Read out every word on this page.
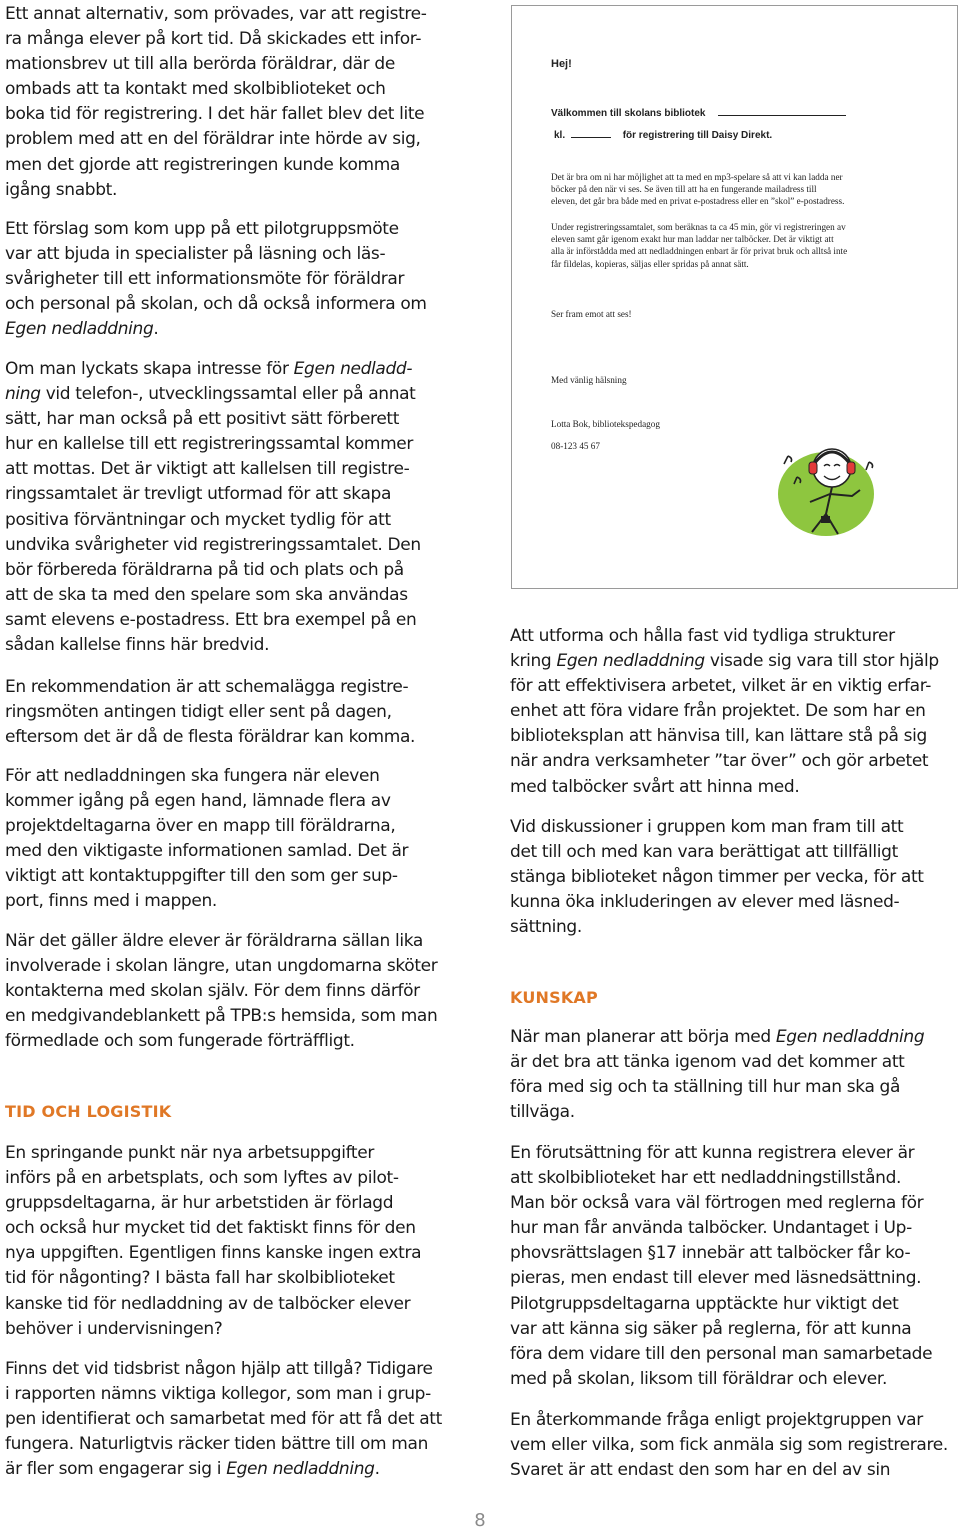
Ett annat alternativ, som prövades, var att registre-
ra många elever på kort tid. Då skickades ett infor-
mationsbrev ut till alla berörda föräldrar, där de
ombads att ta kontakt med skolbiblioteket och
boka tid för registrering. I det här fallet blev det lite
problem med att en del föräldrar inte hörde av sig,
men det gjorde att registreringen kunde komma
igång snabbt.

Ett förslag som kom upp på ett pilotgruppsmöte
var att bjuda in specialister på läsning och läs-
svårigheter till ett informationsmöte för föräldrar
och personal på skolan, och då också informera om
Egen nedladdning.

Om man lyckats skapa intresse för Egen nedladd-
ning vid telefon-, utvecklingssamtal eller på annat
sätt, har man också på ett positivt sätt förberett
hur en kallelse till ett registreringssamtal kommer
att mottas. Det är viktigt att kallelsen till registre-
ringssamtalet är trevligt utformad för att skapa
positiva förväntningar och mycket tydlig för att
undvika svårigheter vid registreringssamtalet. Den
bör förbereda föräldrarna på tid och plats och på
att de ska ta med den spelare som ska användas
samt elevens e-postadress. Ett bra exempel på en
sådan kallelse finns här bredvid.

En rekommendation är att schemalägga registre-
ringsmöten antingen tidigt eller sent på dagen,
eftersom det är då de flesta föräldrar kan komma.

För att nedladdningen ska fungera när eleven
kommer igång på egen hand, lämnade flera av
projektdeltagarna över en mapp till föräldrarna,
med den viktigaste informationen samlad. Det är
viktigt att kontaktuppgifter till den som ger sup-
port, finns med i mappen.

När det gäller äldre elever är föräldrarna sällan lika
involverade i skolan längre, utan ungdomarna sköter
kontakterna med skolan själv. För dem finns därför
en medgivandeblankett på TPB:s hemsida, som man
förmedlade och som fungerade förträffligt.

TID OCH LOGISTIK

En springande punkt när nya arbetsuppgifter
införs på en arbetsplats, och som lyftes av pilot-
gruppsdeltagarna, är hur arbetstiden är förlagd
och också hur mycket tid det faktiskt finns för den
nya uppgiften. Egentligen finns kanske ingen extra
tid för någonting? I bästa fall har skolbiblioteket
kanske tid för nedladdning av de talböcker elever
behöver i undervisningen?

Finns det vid tidsbrist någon hjälp att tillgå? Tidigare
i rapporten nämns viktiga kollegor, som man i grup-
pen identifierat och samarbetat med för att få det att
fungera. Naturligtvis räcker tiden bättre till om man
är fler som engagerar sig i Egen nedladdning.

Hej!
Välkommen till skolans bibliotek
kl.	för registrering till Daisy Direkt.
Det är bra om ni har möjlighet att ta med en mp3-spelare så att vi kan ladda ner
böcker på den när vi ses. Se även till att ha en fungerande mailadress till
eleven, det går bra både med en privat e-postadress eller en ”skol” e-postadress.
Under registreringssamtalet, som beräknas ta ca 45 min, gör vi registreringen av
eleven samt går igenom exakt hur man laddar ner talböcker. Det är viktigt att
alla är införstådda med att nedladdningen enbart är för privat bruk och alltså inte
får fildelas, kopieras, säljas eller spridas på annat sätt.
Ser fram emot att ses!
Med vänlig hälsning
Lotta Bok, bibliotekspedagog
08-123 45 67

Att utforma och hålla fast vid tydliga strukturer
kring Egen nedladdning visade sig vara till stor hjälp
för att effektivisera arbetet, vilket är en viktig erfar-
enhet att föra vidare från projektet. De som har en
biblioteksplan att hänvisa till, kan lättare stå på sig
när andra verksamheter ”tar över” och gör arbetet
med talböcker svårt att hinna med.

Vid diskussioner i gruppen kom man fram till att
det till och med kan vara berättigat att tillfälligt
stänga biblioteket någon timmer per vecka, för att
kunna öka inkluderingen av elever med läsned-
sättning.

KUNSKAP

När man planerar att börja med Egen nedladdning
är det bra att tänka igenom vad det kommer att
föra med sig och ta ställning till hur man ska gå
tillväga.

En förutsättning för att kunna registrera elever är
att skolbiblioteket har ett nedladdningstillstånd.
Man bör också vara väl förtrogen med reglerna för
hur man får använda talböcker. Undantaget i Up-
phovsrättslagen §17 innebär att talböcker får ko-
pieras, men endast till elever med läsnedsättning.
Pilotgruppsdeltagarna upptäckte hur viktigt det
var att känna sig säker på reglerna, för att kunna
föra dem vidare till den personal man samarbetade
med på skolan, liksom till föräldrar och elever.

En återkommande fråga enligt projektgruppen var
vem eller vilka, som fick anmäla sig som registrerare.
Svaret är att endast den som har en del av sin

8
